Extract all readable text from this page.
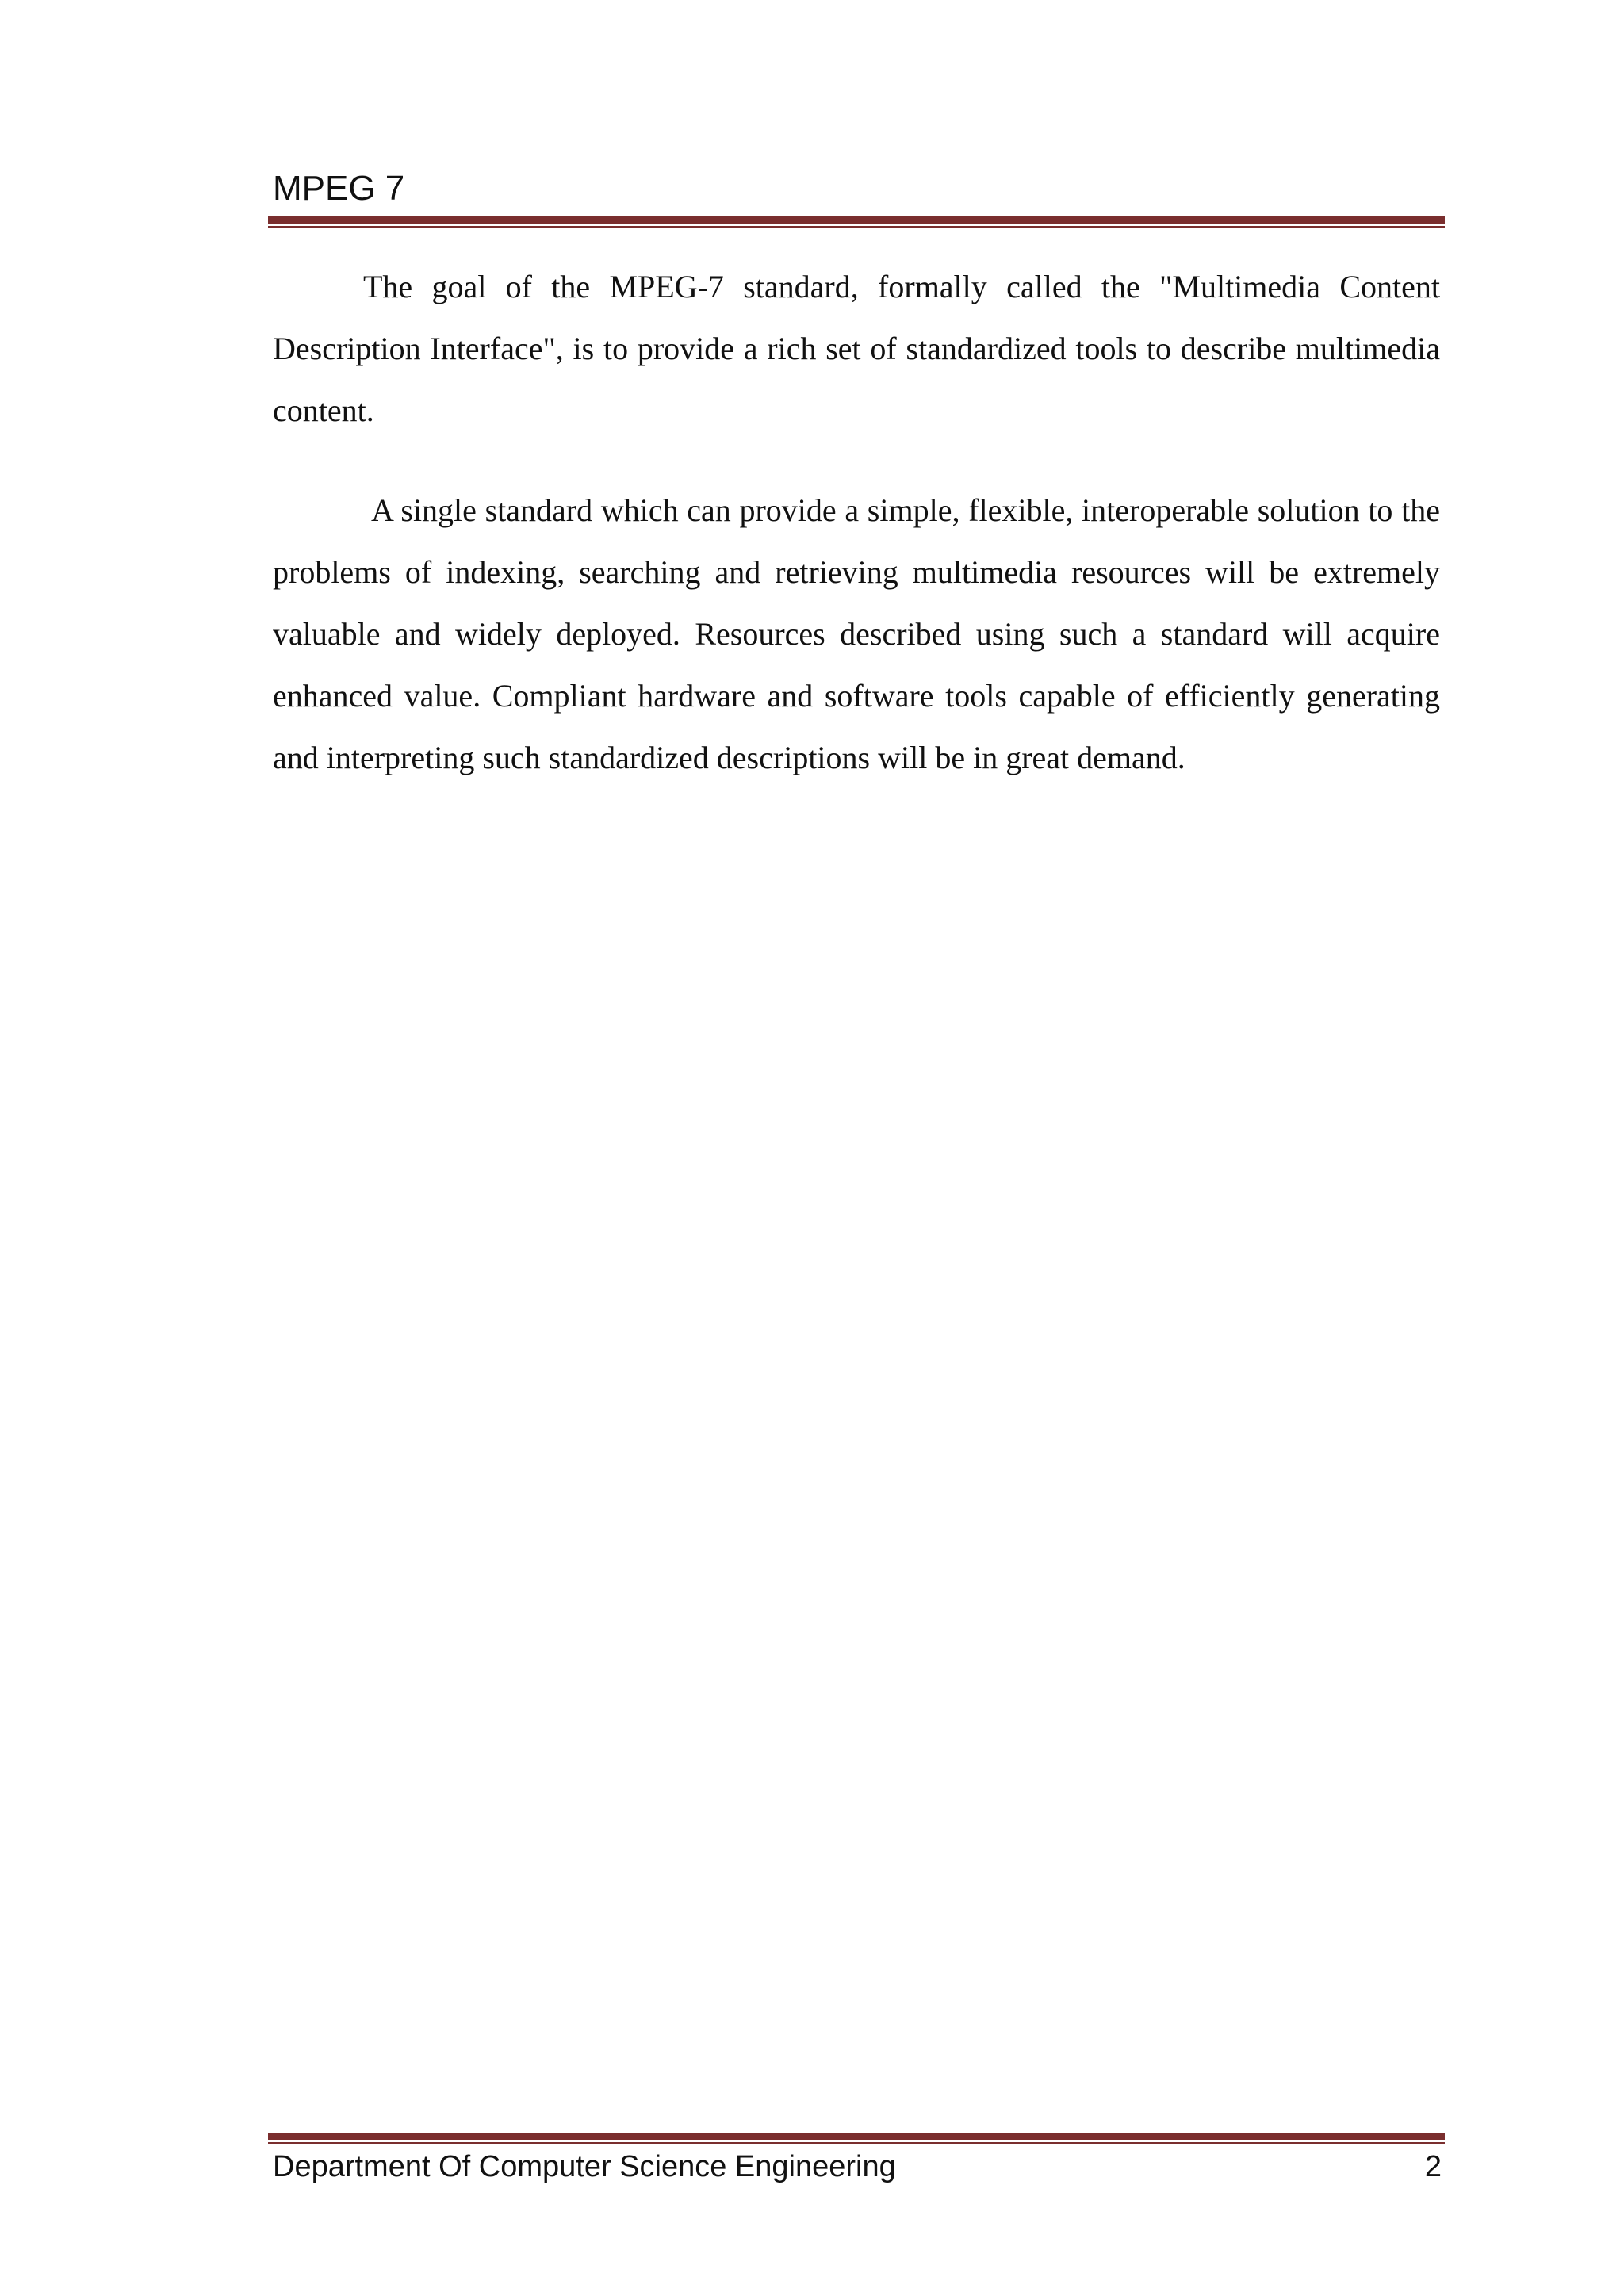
MPEG 7

The goal of the MPEG-7 standard, formally called the "Multimedia Content Description Interface", is to provide a rich set of standardized tools to describe multimedia content.

A single standard which can provide a simple, flexible, interoperable solution to the problems of indexing, searching and retrieving multimedia resources will be extremely valuable and widely deployed. Resources described using such a standard will acquire enhanced value. Compliant hardware and software tools capable of efficiently generating and interpreting such standardized descriptions will be in great demand.

Department Of Computer Science Engineering	2
